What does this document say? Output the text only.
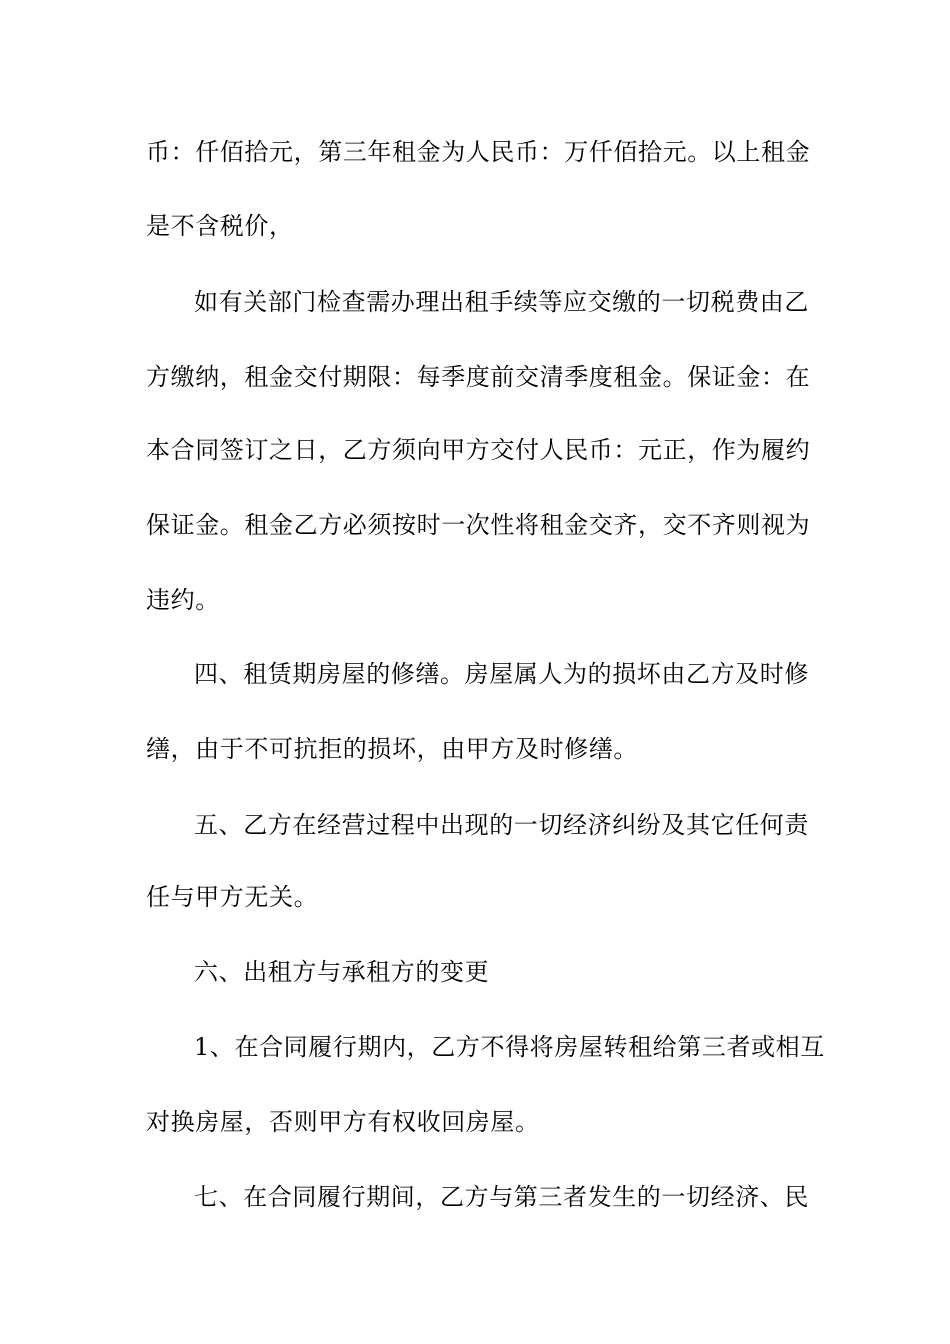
币：仟佰拾元，第三年租金为人民币：万仟佰拾元。以上租金
是不含税价，
如有关部门检查需办理出租手续等应交缴的一切税费由乙
方缴纳，租金交付期限：每季度前交清季度租金。保证金：在
本合同签订之日，乙方须向甲方交付人民币：元正，作为履约
保证金。租金乙方必须按时一次性将租金交齐，交不齐则视为
违约。
四、租赁期房屋的修缮。房屋属人为的损坏由乙方及时修
缮，由于不可抗拒的损坏，由甲方及时修缮。
五、乙方在经营过程中出现的一切经济纠纷及其它任何责
任与甲方无关。
六、出租方与承租方的变更
1、在合同履行期内，乙方不得将房屋转租给第三者或相互
对换房屋，否则甲方有权收回房屋。
七、在合同履行期间，乙方与第三者发生的一切经济、民
